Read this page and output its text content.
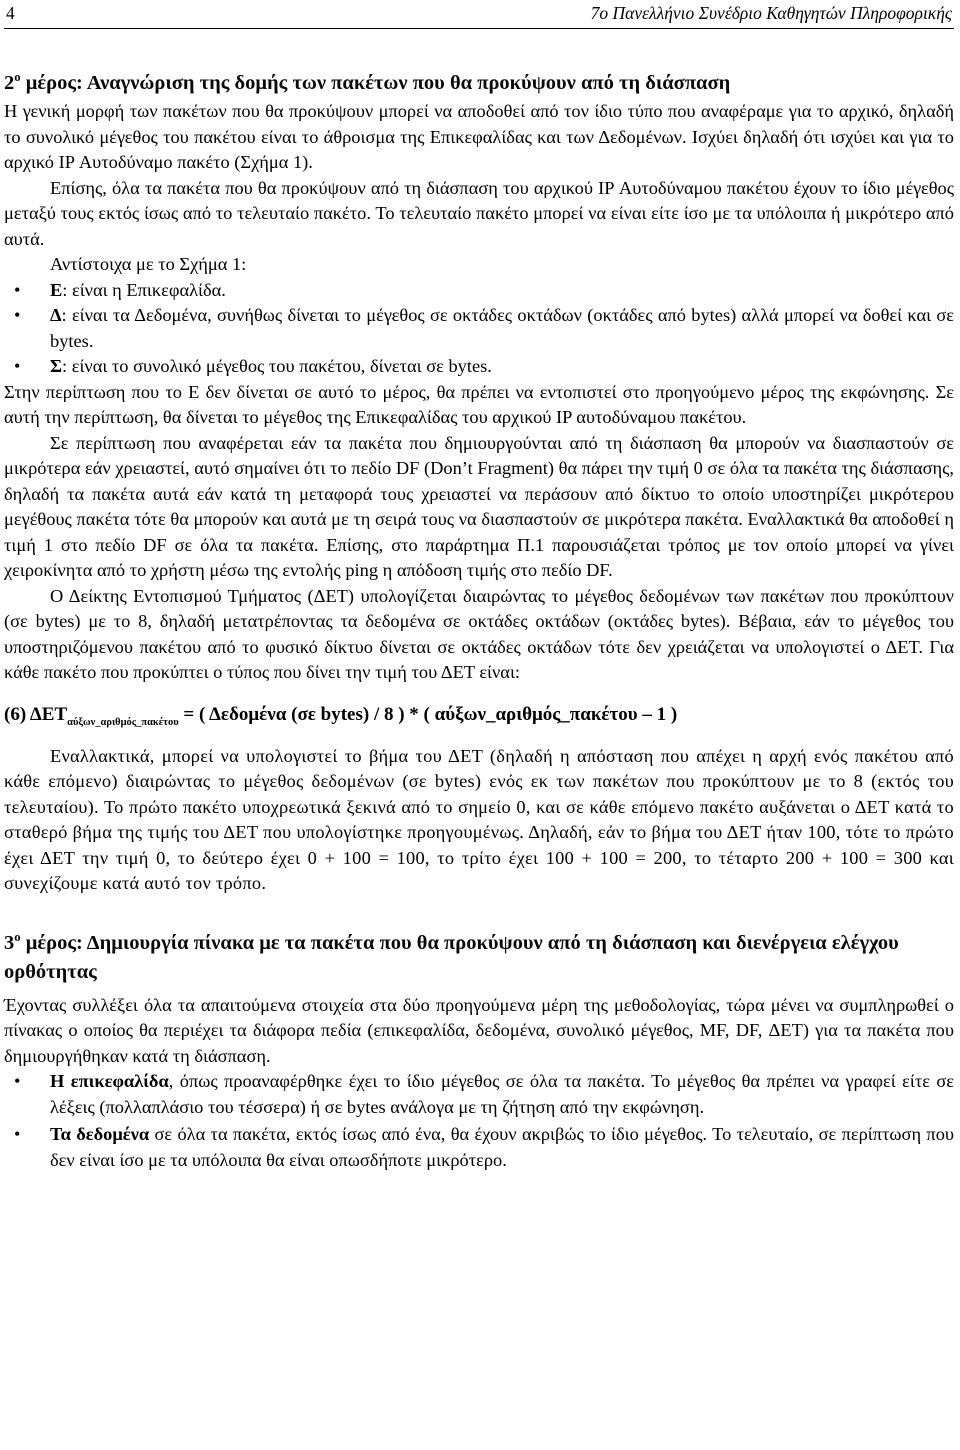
4	7ο Πανελλήνιο Συνέδριο Καθηγητών Πληροφορικής
$2^o$ μέρος: Αναγνώριση της δομής των πακέτων που θα προκύψουν από τη διάσπαση

Η γενική μορφή των πακέτων που θα προκύψουν μπορεί να αποδοθεί από τον ίδιο τύπο που αναφέραμε για το αρχικό, δηλαδή το συνολικό μέγεθος του πακέτου είναι το άθροισμα της Επικεφαλίδας και των Δεδομένων. Ισχύει δηλαδή ότι ισχύει και για το αρχικό IP Αυτοδύναμο πακέτο (Σχήμα 1).

Επίσης, όλα τα πακέτα που θα προκύψουν από τη διάσπαση του αρχικού IP Αυτοδύναμου πακέτου έχουν το ίδιο μέγεθος μεταξύ τους εκτός ίσως από το τελευταίο πακέτο. Το τελευταίο πακέτο μπορεί να είναι είτε ίσο με τα υπόλοιπα ή μικρότερο από αυτά.

Αντίστοιχα με το Σχήμα 1:

• Ε: είναι η Επικεφαλίδα.
• Δ: είναι τα Δεδομένα, συνήθως δίνεται το μέγεθος σε οκτάδες οκτάδων (οκτάδες από bytes) αλλά μπορεί να δοθεί και σε bytes.
• Σ: είναι το συνολικό μέγεθος του πακέτου, δίνεται σε bytes.

Στην περίπτωση που το Ε δεν δίνεται σε αυτό το μέρος, θα πρέπει να εντοπιστεί στο προηγούμενο μέρος της εκφώνησης. Σε αυτή την περίπτωση, θα δίνεται το μέγεθος της Επικεφαλίδας του αρχικού IP αυτοδύναμου πακέτου.

Σε περίπτωση που αναφέρεται εάν τα πακέτα που δημιουργούνται από τη διάσπαση θα μπορούν να διασπαστούν σε μικρότερα εάν χρειαστεί, αυτό σημαίνει ότι το πεδίο DF (Don’t Fragment) θα πάρει την τιμή 0 σε όλα τα πακέτα της διάσπασης, δηλαδή τα πακέτα αυτά εάν κατά τη μεταφορά τους χρειαστεί να περάσουν από δίκτυο το οποίο υποστηρίζει μικρότερου μεγέθους πακέτα τότε θα μπορούν και αυτά με τη σειρά τους να διασπαστούν σε μικρότερα πακέτα. Εναλλακτικά θα αποδοθεί η τιμή 1 στο πεδίο DF σε όλα τα πακέτα. Επίσης, στο παράρτημα Π.1 παρουσιάζεται τρόπος με τον οποίο μπορεί να γίνει χειροκίνητα από το χρήστη μέσω της εντολής ping η απόδοση τιμής στο πεδίο DF.

Ο Δείκτης Εντοπισμού Τμήματος (ΔΕΤ) υπολογίζεται διαιρώντας το μέγεθος δεδομένων των πακέτων που προκύπτουν (σε bytes) με το 8, δηλαδή μετατρέποντας τα δεδομένα σε οκτάδες οκτάδων (οκτάδες bytes). Βέβαια, εάν το μέγεθος του υποστηριζόμενου πακέτου από το φυσικό δίκτυο δίνεται σε οκτάδες οκτάδων τότε δεν χρειάζεται να υπολογιστεί ο ΔΕΤ. Για κάθε πακέτο που προκύπτει ο τύπος που δίνει την τιμή του ΔΕΤ είναι:

(6) $\Delta ET_{\alpha ύ\xi\omega\nu\_\alpha\rho\iota\theta\mu ό\varsigma\_\pi\alpha\kappa έ\tau o\upsilon}$ = ( Δεδομένα (σε bytes) / 8 ) * ( αύξων_αριθμός_πακέτου – 1 )

Εναλλακτικά, μπορεί να υπολογιστεί το βήμα του ΔΕΤ (δηλαδή η απόσταση που απέχει η αρχή ενός πακέτου από κάθε επόμενο) διαιρώντας το μέγεθος δεδομένων (σε bytes) ενός εκ των πακέτων που προκύπτουν με το 8 (εκτός του τελευταίου). Το πρώτο πακέτο υποχρεωτικά ξεκινά από το σημείο 0, και σε κάθε επόμενο πακέτο αυξάνεται ο ΔΕΤ κατά το σταθερό βήμα της τιμής του ΔΕΤ που υπολογίστηκε προηγουμένως. Δηλαδή, εάν το βήμα του ΔΕΤ ήταν 100, τότε το πρώτο έχει ΔΕΤ την τιμή 0, το δεύτερο έχει 0 + 100 = 100, το τρίτο έχει 100 + 100 = 200, το τέταρτο 200 + 100 = 300 και συνεχίζουμε κατά αυτό τον τρόπο.

$3^o$ μέρος: Δημιουργία πίνακα με τα πακέτα που θα προκύψουν από τη διάσπαση και διενέργεια ελέγχου ορθότητας

Έχοντας συλλέξει όλα τα απαιτούμενα στοιχεία στα δύο προηγούμενα μέρη της μεθοδολογίας, τώρα μένει να συμπληρωθεί ο πίνακας ο οποίος θα περιέχει τα διάφορα πεδία (επικεφαλίδα, δεδομένα, συνολικό μέγεθος, MF, DF, ΔΕΤ) για τα πακέτα που δημιουργήθηκαν κατά τη διάσπαση.

• Η επικεφαλίδα, όπως προαναφέρθηκε έχει το ίδιο μέγεθος σε όλα τα πακέτα. Το μέγεθος θα πρέπει να γραφεί είτε σε λέξεις (πολλαπλάσιο του τέσσερα) ή σε bytes ανάλογα με τη ζήτηση από την εκφώνηση.
• Τα δεδομένα σε όλα τα πακέτα, εκτός ίσως από ένα, θα έχουν ακριβώς το ίδιο μέγεθος. Το τελευταίο, σε περίπτωση που δεν είναι ίσο με τα υπόλοιπα θα είναι οπωσδήποτε μικρότερο.
